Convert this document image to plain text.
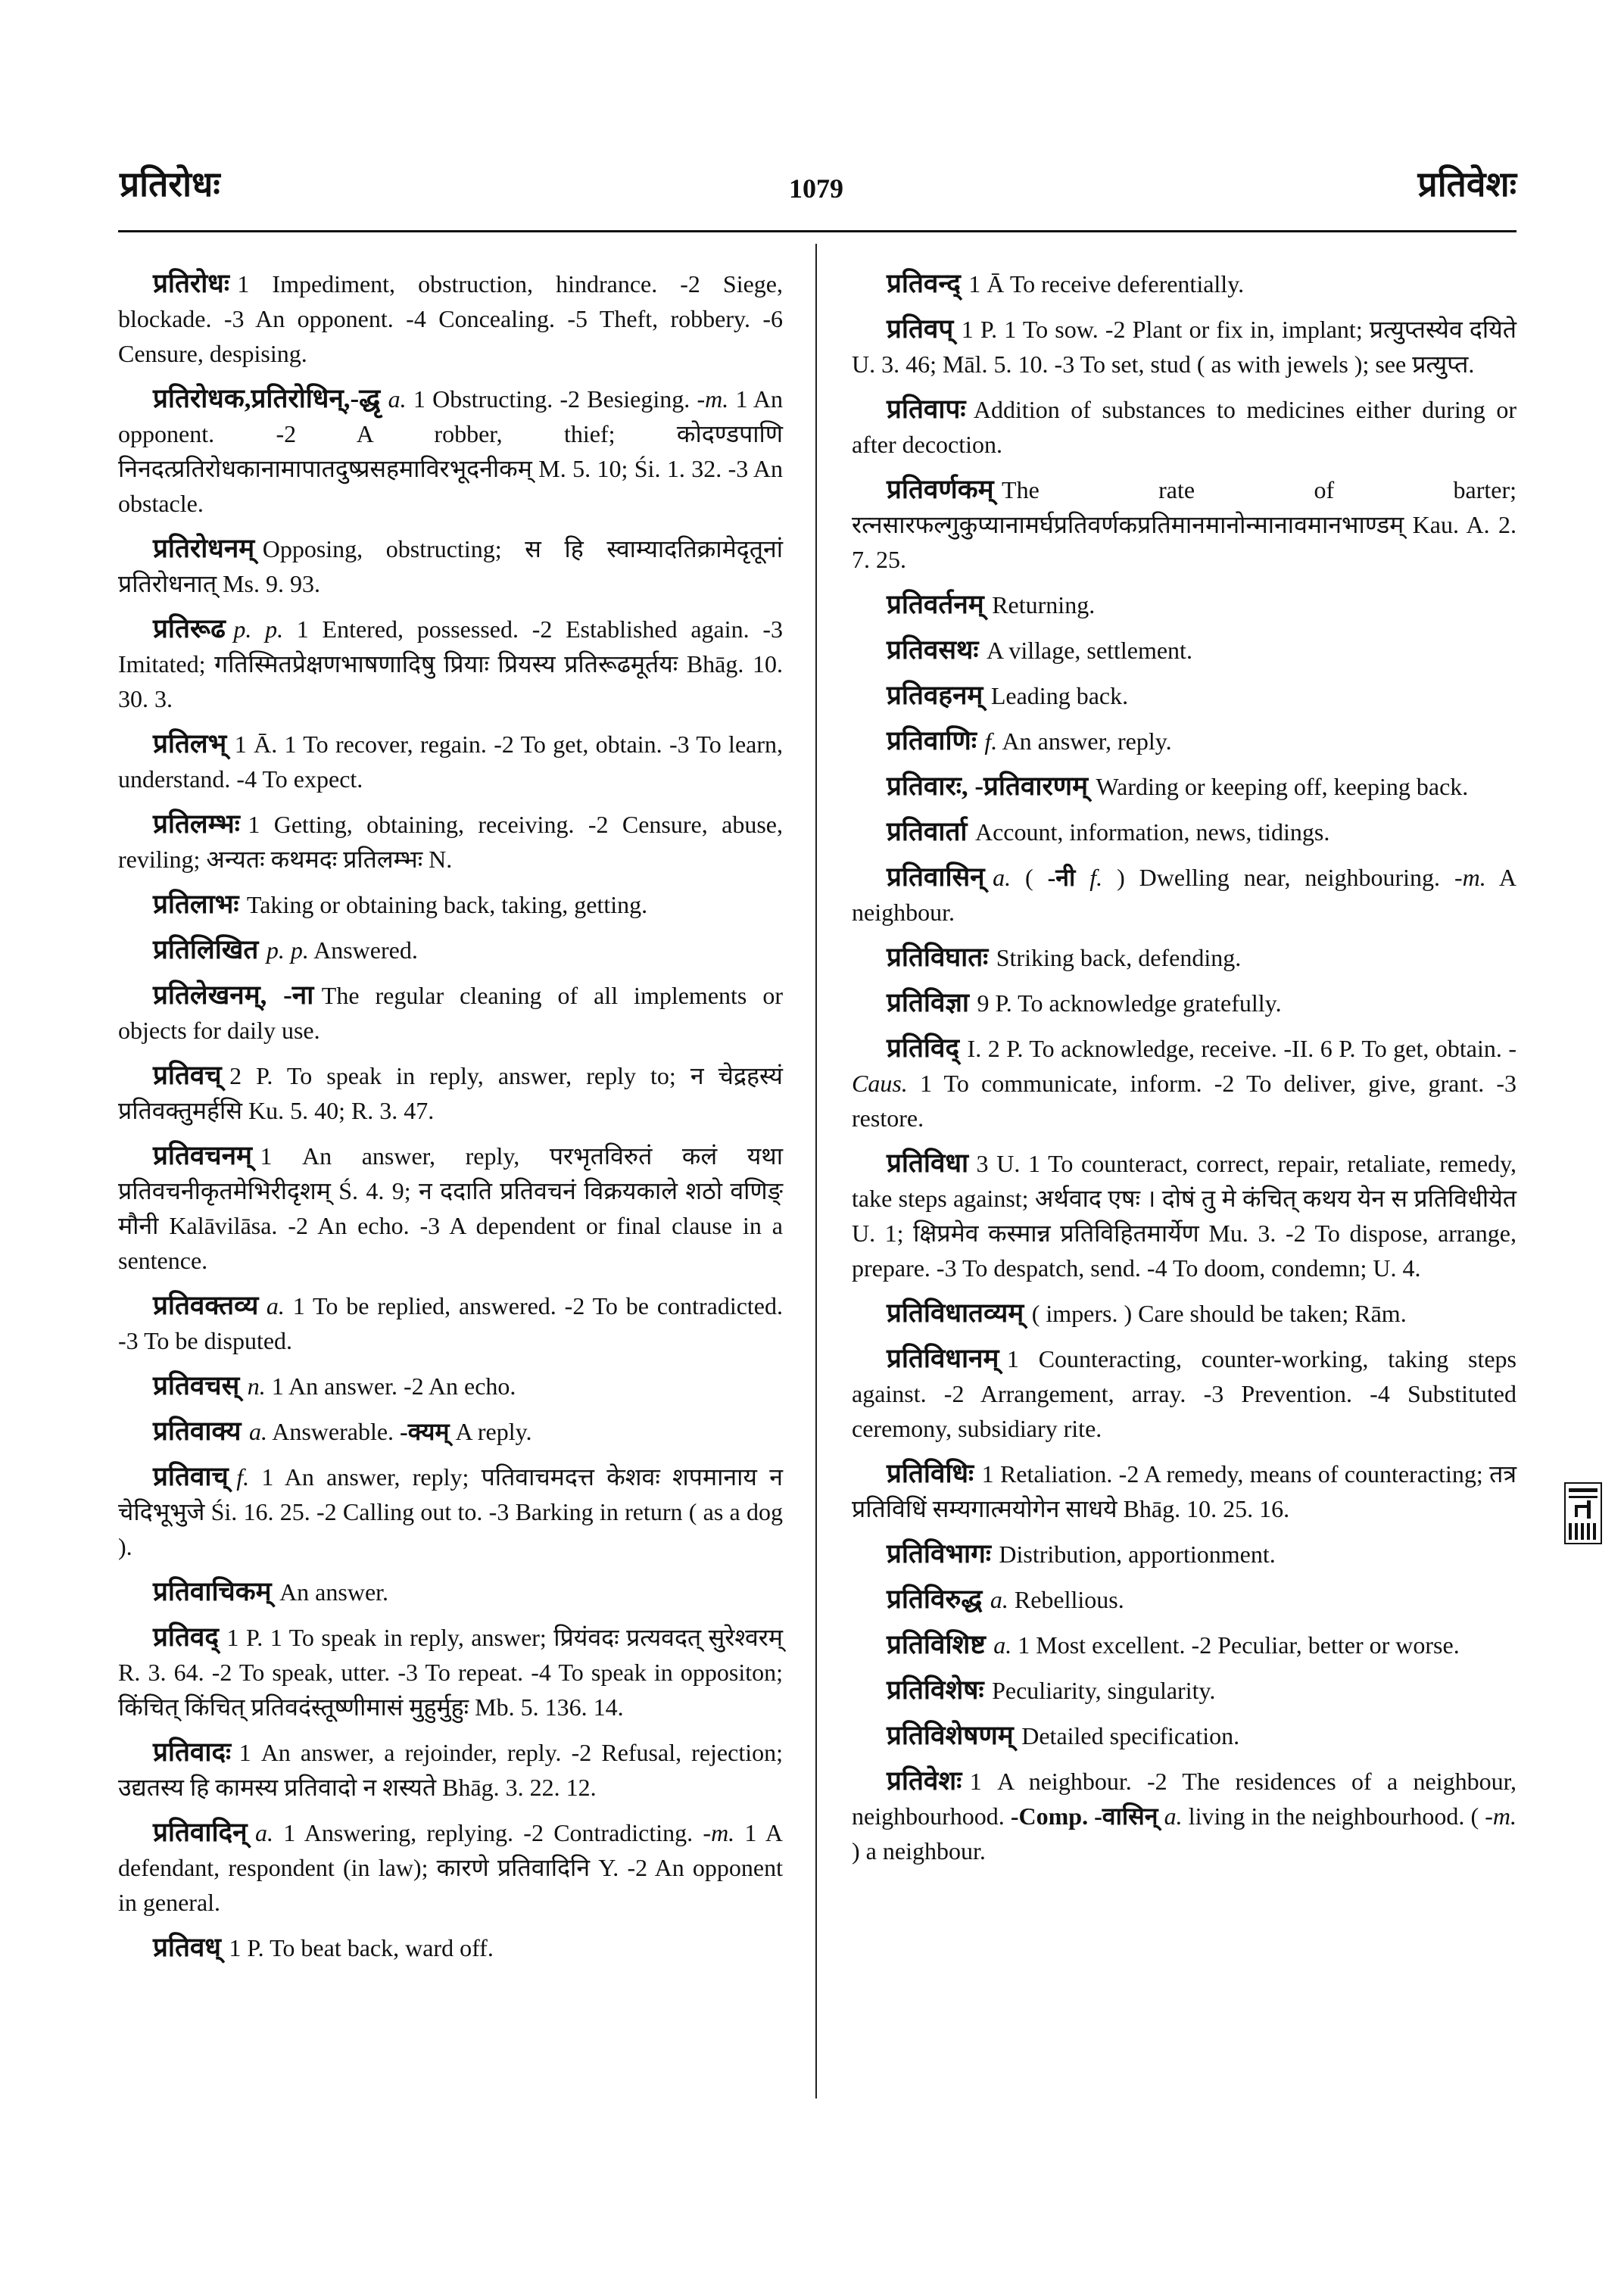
प्रतिरोधः	1079	प्रतिवेशः
प्रतिरोधः 1 Impediment, obstruction, hindrance. -2 Siege, blockade. -3 An opponent. -4 Concealing. -5 Theft, robbery. -6 Censure, despising.
प्रतिरोधक,प्रतिरोधिन्,-द्धृ a. 1 Obstructing. -2 Besieging. -m. 1 An opponent. -2 A robber, thief; कोदण्डपाणि निनदत्प्रतिरोधकानामापातदुष्प्रसहमाविरभूदनीकम् M. 5. 10; Śi. 1. 32. -3 An obstacle.
प्रतिरोधनम् Opposing, obstructing; स हि स्वाम्यादतिक्रामेदृतूनां प्रतिरोधनात् Ms. 9. 93.
प्रतिरूढ p. p. 1 Entered, possessed. -2 Established again. -3 Imitated; गतिस्मितप्रेक्षणभाषणादिषु प्रियाः प्रियस्य प्रतिरूढमूर्तयः Bhāg. 10. 30. 3.
प्रतिलभ् 1 Ā. 1 To recover, regain. -2 To get, obtain. -3 To learn, understand. -4 To expect.
प्रतिलम्भः 1 Getting, obtaining, receiving. -2 Censure, abuse, reviling; अन्यतः कथमदः प्रतिलम्भः N.
प्रतिलाभः Taking or obtaining back, taking, getting.
प्रतिलिखित p. p. Answered.
प्रतिलेखनम्, -ना The regular cleaning of all implements or objects for daily use.
प्रतिवच् 2 P. To speak in reply, answer, reply to; न चेद्रहस्यं प्रतिवक्तुमर्हसि Ku. 5. 40; R. 3. 47.
प्रतिवचनम् 1 An answer, reply, परभृतविरुतं कलं यथा प्रतिवचनीकृतमेभिरीदृशम् Ś. 4. 9; न ददाति प्रतिवचनं विक्रयकाले शठो वणिङ् मौनी Kalāvilāsa. -2 An echo. -3 A dependent or final clause in a sentence.
प्रतिवक्तव्य a. 1 To be replied, answered. -2 To be contradicted. -3 To be disputed.
प्रतिवचस् n. 1 An answer. -2 An echo.
प्रतिवाक्य a. Answerable. -क्यम् A reply.
प्रतिवाच् f. 1 An answer, reply; पतिवाचमदत्त केशवः शपमानाय न चेदिभूभुजे Śi. 16. 25. -2 Calling out to. -3 Barking in return ( as a dog ).
प्रतिवाचिकम् An answer.
प्रतिवद् 1 P. 1 To speak in reply, answer; प्रियंवदः प्रत्यवदत् सुरेश्वरम् R. 3. 64. -2 To speak, utter. -3 To repeat. -4 To speak in oppositon; किंचित् किंचित् प्रतिवदंस्तूष्णीमासं मुहुर्मुहुः Mb. 5. 136. 14.
प्रतिवादः 1 An answer, a rejoinder, reply. -2 Refusal, rejection; उद्यतस्य हि कामस्य प्रतिवादो न शस्यते Bhāg. 3. 22. 12.
प्रतिवादिन् a. 1 Answering, replying. -2 Contradicting. -m. 1 A defendant, respondent (in law); कारणे प्रतिवादिनि Y. -2 An opponent in general.
प्रतिवध् 1 P. To beat back, ward off.
प्रतिवन्द् 1 Ā To receive deferentially.
प्रतिवप् 1 P. 1 To sow. -2 Plant or fix in, implant; प्रत्युप्तस्येव दयिते U. 3. 46; Māl. 5. 10. -3 To set, stud ( as with jewels ); see प्रत्युप्त.
प्रतिवापः Addition of substances to medicines either during or after decoction.
प्रतिवर्णकम् The rate of barter; रत्नसारफल्गुकुप्यानामर्घप्रतिवर्णकप्रतिमानमानोन्मानावमानभाण्डम् Kau. A. 2. 7. 25.
प्रतिवर्तनम् Returning.
प्रतिवसथः A village, settlement.
प्रतिवहनम् Leading back.
प्रतिवाणिः f. An answer, reply.
प्रतिवारः, -प्रतिवारणम् Warding or keeping off, keeping back.
प्रतिवार्ता Account, information, news, tidings.
प्रतिवासिन् a. ( -नी f. ) Dwelling near, neighbouring. -m. A neighbour.
प्रतिविघातः Striking back, defending.
प्रतिविज्ञा 9 P. To acknowledge gratefully.
प्रतिविद् I. 2 P. To acknowledge, receive. -II. 6 P. To get, obtain. -Caus. 1 To communicate, inform. -2 To deliver, give, grant. -3 restore.
प्रतिविधा 3 U. 1 To counteract, correct, repair, retaliate, remedy, take steps against; अर्थवाद एषः । दोषं तु मे कंचित् कथय येन स प्रतिविधीयेत U. 1; क्षिप्रमेव कस्मान्न प्रतिविहितमार्येण Mu. 3. -2 To dispose, arrange, prepare. -3 To despatch, send. -4 To doom, condemn; U. 4.
प्रतिविधातव्यम् ( impers. ) Care should be taken; Rām.
प्रतिविधानम् 1 Counteracting, counter-working, taking steps against. -2 Arrangement, array. -3 Prevention. -4 Substituted ceremony, subsidiary rite.
प्रतिविधिः 1 Retaliation. -2 A remedy, means of counteracting; तत्र प्रतिविधिं सम्यगात्मयोगेन साधये Bhāg. 10. 25. 16.
प्रतिविभागः Distribution, apportionment.
प्रतिविरुद्ध a. Rebellious.
प्रतिविशिष्ट a. 1 Most excellent. -2 Peculiar, better or worse.
प्रतिविशेषः Peculiarity, singularity.
प्रतिविशेषणम् Detailed specification.
प्रतिवेशः 1 A neighbour. -2 The residences of a neighbour, neighbourhood. -Comp. -वासिन् a. living in the neighbourhood. ( -m. ) a neighbour.
